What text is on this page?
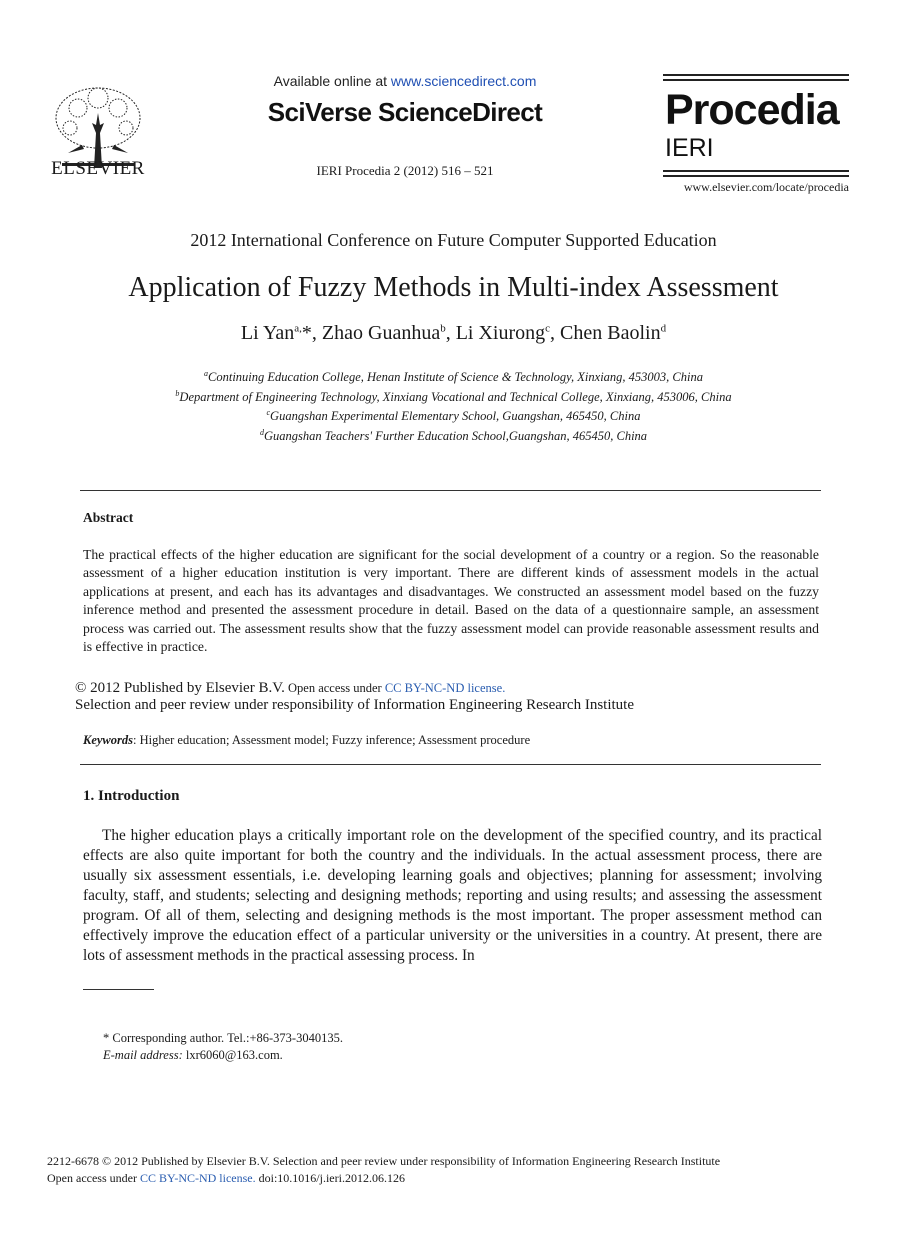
ELSEVIER
Available online at www.sciencedirect.com
SciVerse ScienceDirect
IERI Procedia 2 (2012) 516 – 521
Procedia
IERI
www.elsevier.com/locate/procedia
2012 International Conference on Future Computer Supported Education
Application of Fuzzy Methods in Multi-index Assessment
Li Yan$^{a,}$*, Zhao Guanhua$^b$, Li Xiurong$^c$, Chen Baolin$^d$
$^a$Continuing Education College, Henan Institute of Science & Technology, Xinxiang, 453003, China
$^b$Department of Engineering Technology, Xinxiang Vocational and Technical College, Xinxiang, 453006, China
$^c$Guangshan Experimental Elementary School, Guangshan, 465450, China
$^d$Guangshan Teachers' Further Education School,Guangshan, 465450, China
Abstract
The practical effects of the higher education are significant for the social development of a country or a region. So the reasonable assessment of a higher education institution is very important. There are different kinds of assessment models in the actual applications at present, and each has its advantages and disadvantages. We constructed an assessment model based on the fuzzy inference method and presented the assessment procedure in detail. Based on the data of a questionnaire sample, an assessment process was carried out. The assessment results show that the fuzzy assessment model can provide reasonable assessment results and is effective in practice.
© 2012 Published by Elsevier B.V. Open access under CC BY-NC-ND license.
Selection and peer review under responsibility of Information Engineering Research Institute
Keywords: Higher education; Assessment model; Fuzzy inference; Assessment procedure
1. Introduction
The higher education plays a critically important role on the development of the specified country, and its practical effects are also quite important for both the country and the individuals. In the actual assessment process, there are usually six assessment essentials, i.e. developing learning goals and objectives; planning for assessment; involving faculty, staff, and students; selecting and designing methods; reporting and using results; and assessing the assessment program. Of all of them, selecting and designing methods is the most important. The proper assessment method can effectively improve the education effect of a particular university or the universities in a country. At present, there are lots of assessment methods in the practical assessing process. In
* Corresponding author. Tel.:+86-373-3040135.
E-mail address: lxr6060@163.com.
2212-6678 © 2012 Published by Elsevier B.V. Selection and peer review under responsibility of Information Engineering Research Institute
Open access under CC BY-NC-ND license. doi:10.1016/j.ieri.2012.06.126
